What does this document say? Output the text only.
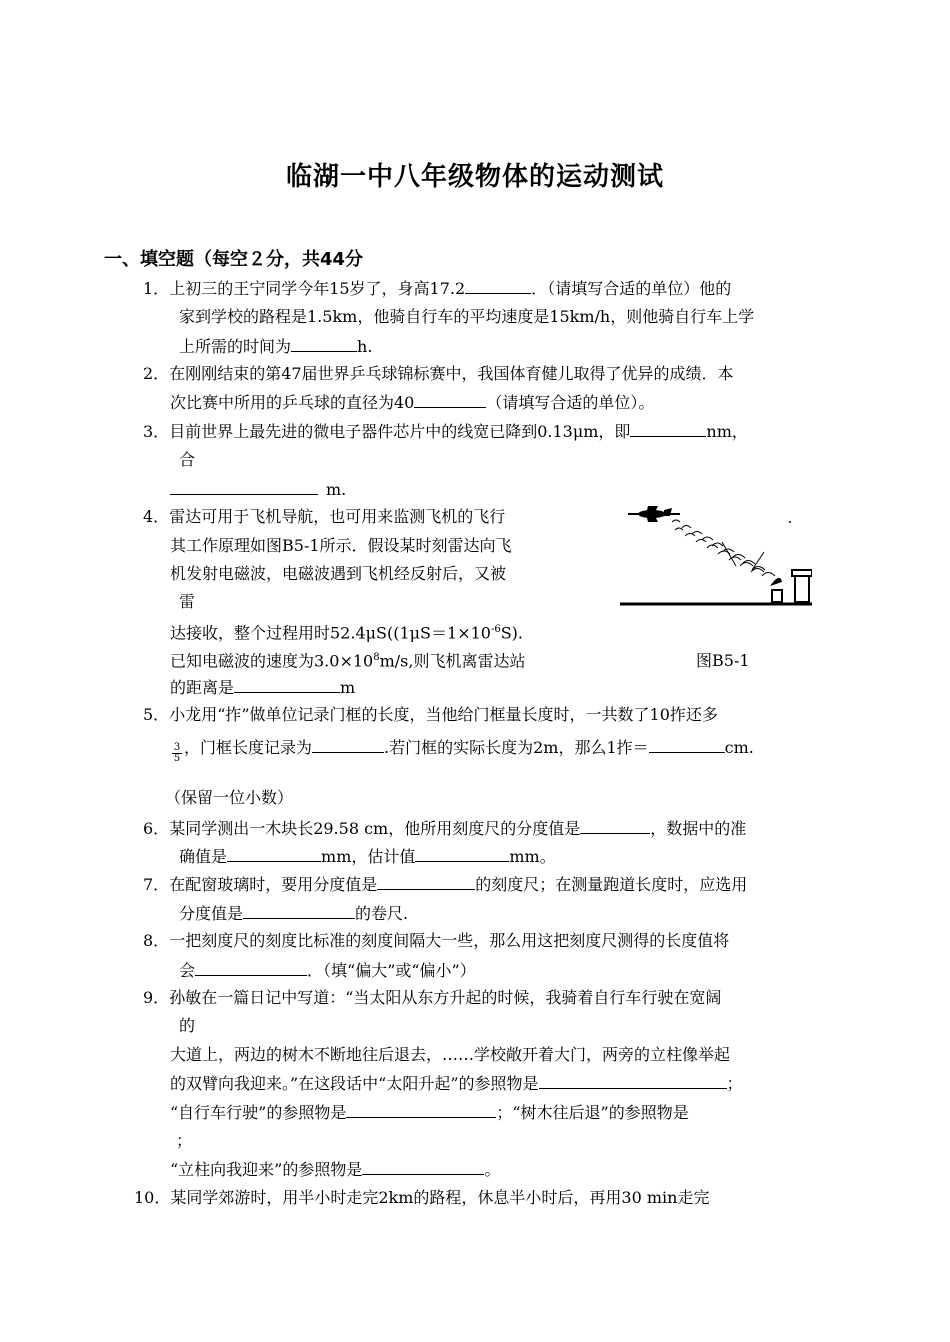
临湖一中八年级物体的运动测试
一、填空题（每空２分，共44分
1．上初三的王宁同学今年15岁了，身高17.2	．（请填写合适的单位）他的
家到学校的路程是1.5km，他骑自行车的平均速度是15km/h，则他骑自行车上学
上所需的时间为	h.
2．在刚刚结束的第47届世界乒乓球锦标赛中，我国体育健儿取得了优异的成绩．本
次比赛中所用的乒乓球的直径为40	（请填写合适的单位）。
3．目前世界上最先进的微电子器件芯片中的线宽已降到0.13μm，即	nm，
合
m.
4．雷达可用于飞机导航，也可用来监测飞机的飞行
其工作原理如图B5-1所示．假设某时刻雷达向飞
机发射电磁波，电磁波遇到飞机经反射后，又被
雷
达接收，整个过程用时$52.4\mu S((1\mu S=1\times 10^{-6}S)$.
已知电磁波的速度为$3.0\times 10^8m/s$,则飞机离雷达站
的距离是	m
图B5-1
5．小龙用“拃”做单位记录门框的长度，当他给门框量长度时，一共数了10拃还多
$\frac{3}{5}$ ，门框长度记录为	.若门框的实际长度为2m，那么1拃＝	cm.
（保留一位小数）
6．某同学测出一木块长29.58 cm，他所用刻度尺的分度值是	，数据中的准
确值是	mm，估计值	mm。
7．在配窗玻璃时，要用分度值是	的刻度尺；在测量跑道长度时，应选用
分度值是	的卷尺.
8．一把刻度尺的刻度比标准的刻度间隔大一些，那么用这把刻度尺测得的长度值将
会	．（填“偏大”或“偏小”）
9．孙敏在一篇日记中写道：“当太阳从东方升起的时候，我骑着自行车行驶在宽阔
的
大道上，两边的树木不断地往后退去，……学校敞开着大门，两旁的立柱像举起
的双臂向我迎来。”在这段话中“太阳升起”的参照物是	；
“自行车行驶”的参照物是	；“树木往后退”的参照物是
；
“立柱向我迎来”的参照物是	。
10．某同学郊游时，用半小时走完2km的路程，休息半小时后，再用30 min走完
